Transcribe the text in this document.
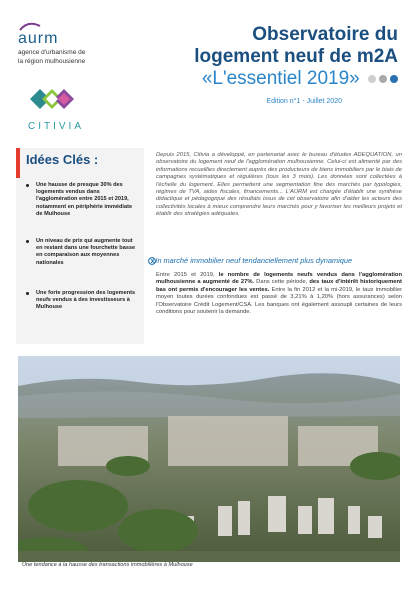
aurm
agence d'urbanisme de
la région mulhousienne
CITIVIA
Observatoire du
logement neuf de m2A
«L'essentiel 2019»
Edition n°1 - Juillet 2020
Idées Clés :
Une hausse de presque 30% des logements vendus dans l'agglomération entre 2015 et 2019, notamment en périphérie immédiate de Mulhouse
Un niveau de prix qui augmente tout en restant dans une fourchette basse en comparaison aux moyennes nationales
Une forte progression des logements neufs vendus à des investisseurs à Mulhouse
Depuis 2015, Citivia a développé, en partenariat avec le bureau d'études ADEQUATION, un observatoire du logement neuf de l'agglomération mulhousienne. Celui-ci est alimenté par des informations recueillies directement auprès des producteurs de biens immobiliers par le biais de campagnes systématiques et régulières (tous les 3 mois). Les données sont collectées à l'échelle du logement. Elles permettent une segmentation fine des marchés par typologies, régimes de TVA, aides fiscales, financements... L'AURM est chargée d'établir une synthèse didactique et pédagogique des résultats issus de cet observatoire afin d'aider les acteurs des collectivités locales à mieux comprendre leurs marchés pour y favoriser les meilleurs projets et établir des stratégies adéquates.
Un marché immobilier neuf tendanciellement plus dynamique
Entre 2015 et 2019, le nombre de logements neufs vendus dans l'agglomération mulhousienne a augmenté de 27%. Dans cette période, des taux d'intérêt historiquement bas ont permis d'encourager les ventes. Entre la fin 2012 et la mi-2019, le taux immobilier moyen toutes durées confondues est passé de 3,21% à 1,20% (hors assurances) selon l'Observatoire Crédit Logement/CSA. Les banques ont également assoupli certaines de leurs conditions pour soutenir la demande.
Une tendance à la hausse des transactions immobilières à Mulhouse
